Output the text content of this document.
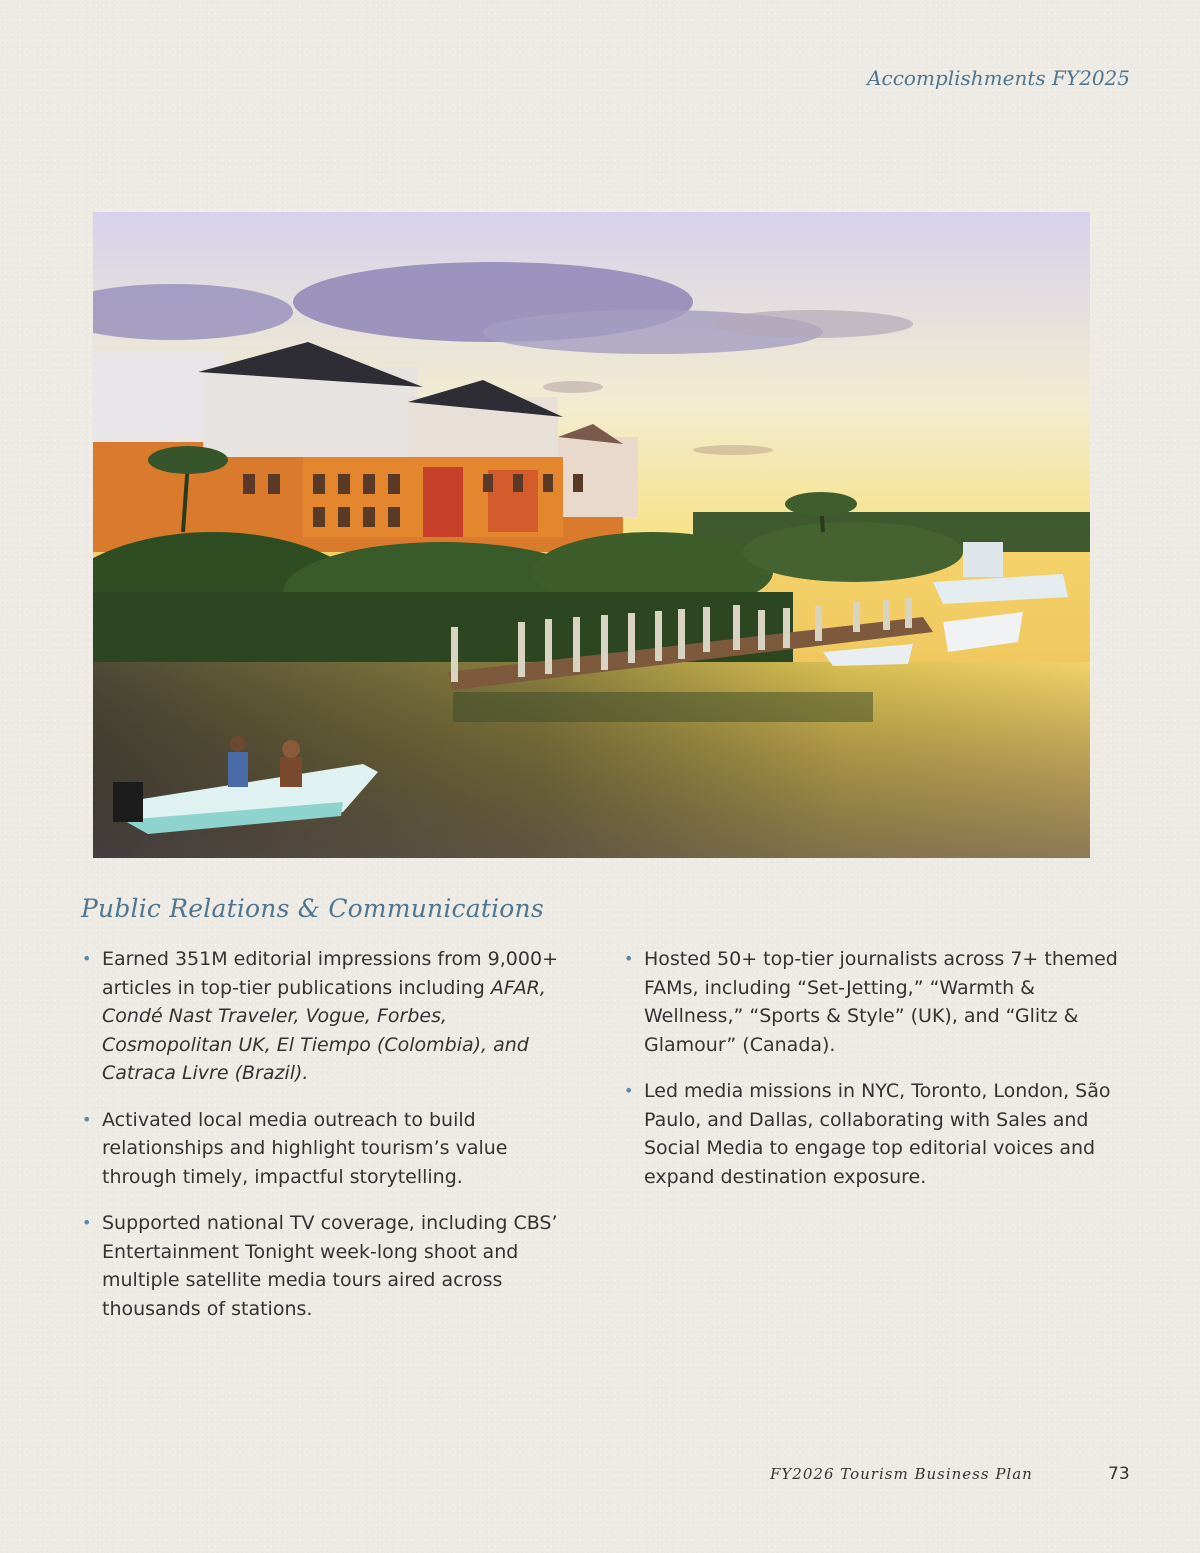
Accomplishments FY2025
Public Relations & Communications
• Earned 351M editorial impressions from 9,000+ articles in top-tier publications including AFAR, Condé Nast Traveler, Vogue, Forbes, Cosmopolitan UK, El Tiempo (Colombia), and Catraca Livre (Brazil).
• Activated local media outreach to build relationships and highlight tourism’s value through timely, impactful storytelling.
• Supported national TV coverage, including CBS’ Entertainment Tonight week-long shoot and multiple satellite media tours aired across thousands of stations.
• Hosted 50+ top-tier journalists across 7+ themed FAMs, including “Set-Jetting,” “Warmth & Wellness,” “Sports & Style” (UK), and “Glitz & Glamour” (Canada).
• Led media missions in NYC, Toronto, London, São Paulo, and Dallas, collaborating with Sales and Social Media to engage top editorial voices and expand destination exposure.
FY2026 Tourism Business Plan	73
